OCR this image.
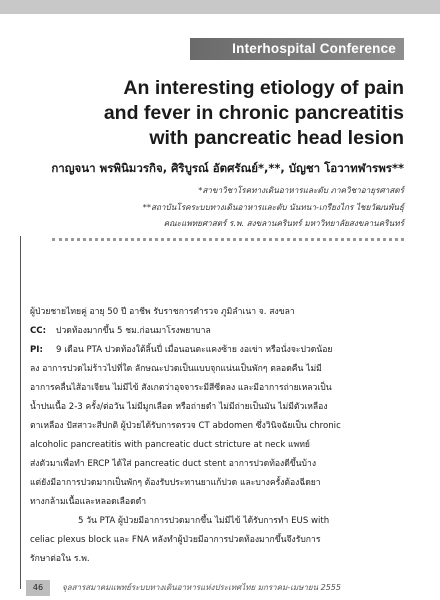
Interhospital Conference
An interesting etiology of pain
and fever in chronic pancreatitis
with pancreatic head lesion
กาญจนา พรพินิมวรกิจ, ศิริบูรณ์ อัตศรัณย์*,**, บัญชา โอวาทฬารพร**
*สาขาวิชาโรคทางเดินอาหารและตับ ภาควิชาอายุรศาสตร์
**สถาบันโรคระบบทางเดินอาหารและตับ นันทนา-เกรียงไกร ไชยวัฒนพันธุ์
คณะแพทยศาสตร์ ร.พ. สงขลานครินทร์ มหาวิทยาลัยสงขลานครินทร์
ผู้ป่วยชายไทยคู่ อายุ 50 ปี อาชีพ รับราชการตำรวจ ภูมิลำเนา จ. สงขลา
CC: ปวดท้องมากขึ้น 5 ชม.ก่อนมาโรงพยาบาล
PI: 9 เดือน PTA ปวดท้องใต้ลิ้นปี่ เมื่อนอนตะแคงซ้าย งอเข่า หรือนั่งจะปวดน้อย
ลง อาการปวดไม่ร้าวไปที่ใด ลักษณะปวดเป็นแบบจุกแน่นเป็นพักๆ ตลอดคืน ไม่มี
อาการคลื่นไส้อาเจียน ไม่มีไข้ สังเกตว่าอุจจาระมีสีซีดลง และมีอาการถ่ายเหลวเป็น
น้ำปนเนื้อ 2-3 ครั้ง/ต่อวัน ไม่มีมูกเลือด หรือถ่ายดำ ไม่มีถ่ายเป็นมัน ไม่มีตัวเหลือง
ตาเหลือง ปัสสาวะสีปกติ ผู้ป่วยได้รับการตรวจ CT abdomen ซึ่งวินิจฉัยเป็น chronic
alcoholic pancreatitis with pancreatic duct stricture at neck แพทย์
ส่งตัวมาเพื่อทำ ERCP ได้ใส่ pancreatic duct stent อาการปวดท้องดีขึ้นบ้าง
แต่ยังมีอาการปวดมากเป็นพักๆ ต้องรับประทานยาแก้ปวด และบางครั้งต้องฉีดยา
ทางกล้ามเนื้อและหลอดเลือดดำ
5 วัน PTA ผู้ป่วยมีอาการปวดมากขึ้น ไม่มีไข้ ได้รับการทำ EUS with
celiac plexus block และ FNA หลังทำผู้ป่วยมีอาการปวดท้องมากขึ้นจึงรับการ
รักษาต่อใน ร.พ.
46	จุลสารสมาคมแพทย์ระบบทางเดินอาหารแห่งประเทศไทย มกราคม-เมษายน 2555
